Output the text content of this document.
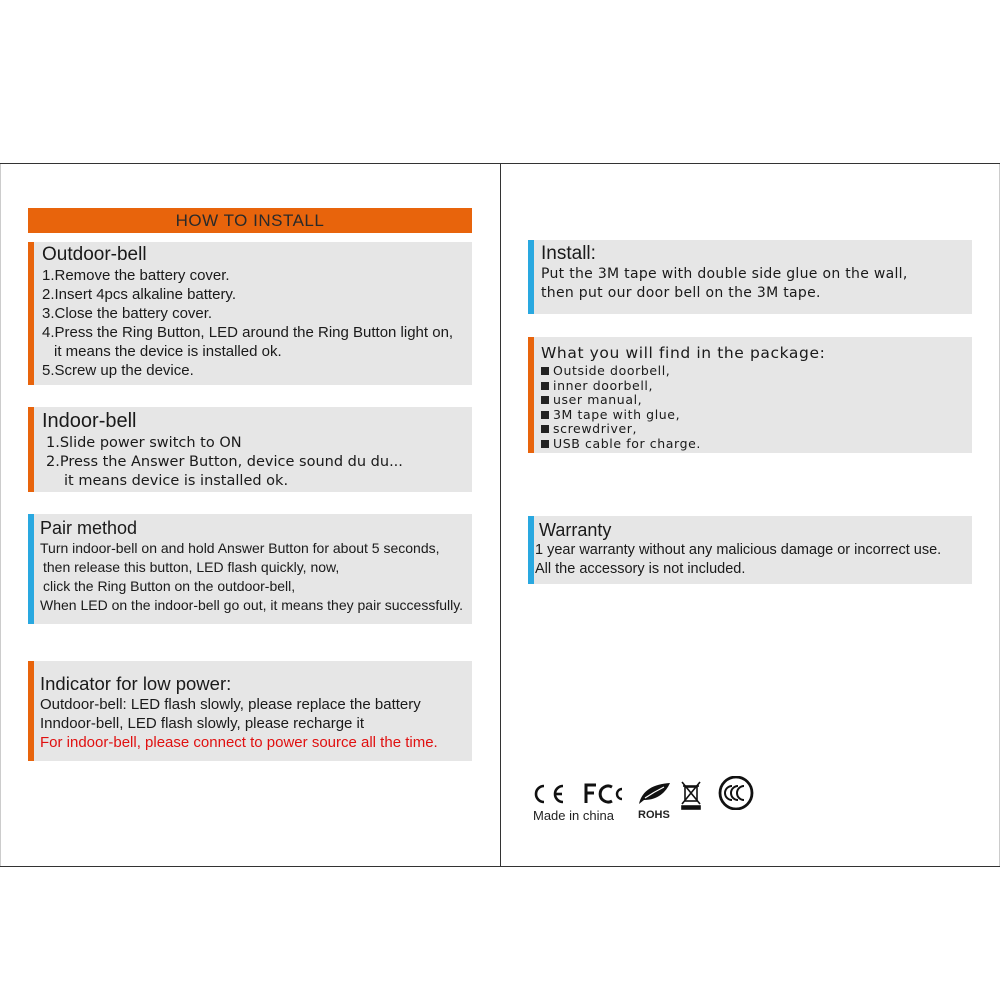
HOW TO INSTALL
Outdoor-bell
1.Remove the battery cover.
2.Insert 4pcs alkaline battery.
3.Close the battery cover.
4.Press the Ring Button, LED around the Ring Button light on,
it means the device is installed ok.
5.Screw up the device.
Indoor-bell
1.Slide power switch to ON
2.Press the Answer Button, device sound du du...
it means device is installed ok.
Pair method
Turn indoor-bell on and hold Answer Button for about 5 seconds,
then release this button, LED flash quickly, now,
click the Ring Button on the outdoor-bell,
When LED on the indoor-bell go out, it means they pair successfully.
Indicator for low power:
Outdoor-bell: LED flash slowly, please replace the battery
Inndoor-bell, LED flash slowly, please recharge it
For indoor-bell, please connect to power source all the time.
Install:
Put the 3M tape with double side glue on the wall,
then put our door bell on the 3M tape.
What you will find in the package:
Outside doorbell,
inner doorbell,
user manual,
3M tape with glue,
screwdriver,
USB cable for charge.
Warranty
1 year warranty without any malicious damage or incorrect use.
All the accessory is not included.
Made in china ROHS
